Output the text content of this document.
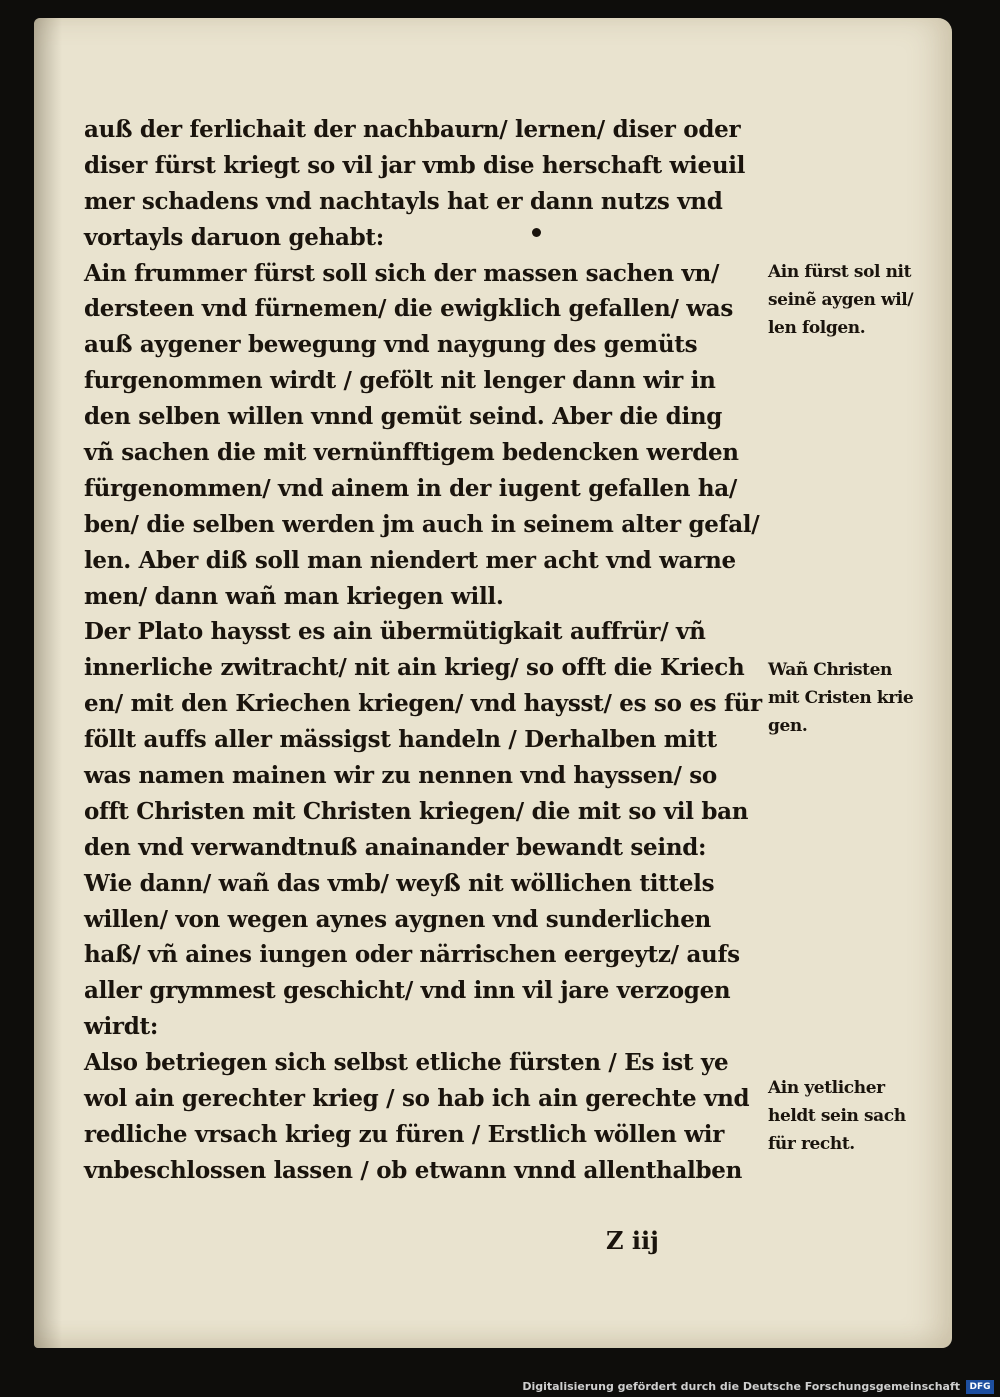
auß der ferlichait der nachbaurn/ lernen/ diser oder
diser fürst kriegt so vil jar vmb dise herschaft wieuil
mer schadens vnd nachtayls hat er dann nutzs vnd
vortayls daruon gehabt:
Ain frummer fürst soll sich der massen sachen vn/
dersteen vnd fürnemen/ die ewigklich gefallen/ was
auß aygener bewegung vnd naygung des gemüts
furgenommen wirdt / gefölt nit lenger dann wir in
den selben willen vnnd gemüt seind. Aber die ding
vñ sachen die mit vernünfftigem bedencken werden
fürgenommen/ vnd ainem in der iugent gefallen ha/
ben/ die selben werden jm auch in seinem alter gefal/
len. Aber diß soll man niendert mer acht vnd warne
men/ dann wañ man kriegen will.
Der Plato haysst es ain übermütigkait auffrür/ vñ
innerliche zwitracht/ nit ain krieg/ so offt die Kriech
en/ mit den Kriechen kriegen/ vnd haysst/ es so es für
föllt auffs aller mässigst handeln / Derhalben mitt
was namen mainen wir zu nennen vnd hayssen/ so
offt Christen mit Christen kriegen/ die mit so vil ban
den vnd verwandtnuß anainander bewandt seind:
Wie dann/ wañ das vmb/ weyß nit wöllichen tittels
willen/ von wegen aynes aygnen vnd sunderlichen
haß/ vñ aines iungen oder närrischen eergeytz/ aufs
aller grymmest geschicht/ vnd inn vil jare verzogen
wirdt:
Also betriegen sich selbst etliche fürsten / Es ist ye
wol ain gerechter krieg / so hab ich ain gerechte vnd
redliche vrsach krieg zu füren / Erstlich wöllen wir
vnbeschlossen lassen / ob etwann vnnd allenthalben
Ain fürst sol nit
seinẽ aygen wil/
len folgen.
Wañ Christen
mit Cristen krie
gen.
Ain yetlicher
heldt sein sach
für recht.
Z iij
Digitalisierung gefördert durch die Deutsche Forschungsgemeinschaft	DFG
